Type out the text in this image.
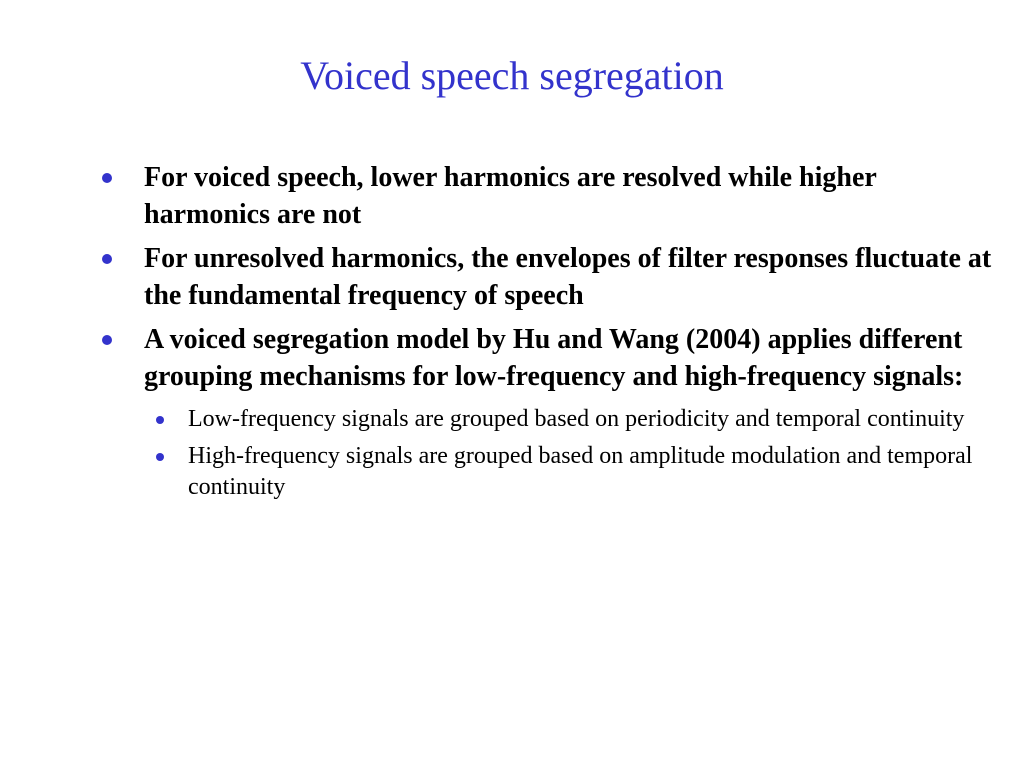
Voiced speech segregation
For voiced speech, lower harmonics are resolved while higher harmonics are not
For unresolved harmonics, the envelopes of filter responses fluctuate at the fundamental frequency of speech
A voiced segregation model by Hu and Wang (2004) applies different grouping mechanisms for low-frequency and high-frequency signals:
Low-frequency signals are grouped based on periodicity and temporal continuity
High-frequency signals are grouped based on amplitude modulation and temporal continuity
